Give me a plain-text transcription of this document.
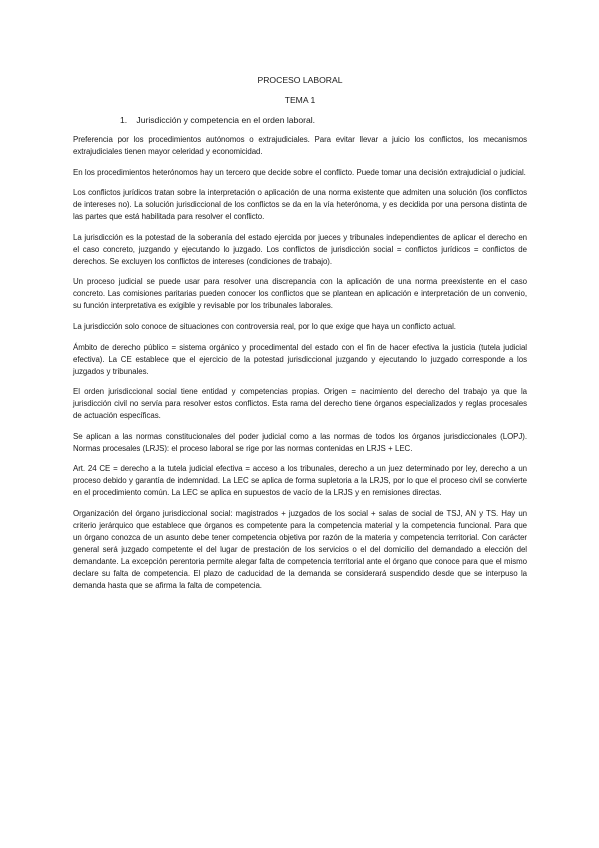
PROCESO LABORAL
TEMA 1
1. Jurisdicción y competencia en el orden laboral.

Preferencia por los procedimientos autónomos o extrajudiciales. Para evitar llevar a juicio los conflictos, los mecanismos extrajudiciales tienen mayor celeridad y economicidad.

En los procedimientos heterónomos hay un tercero que decide sobre el conflicto. Puede tomar una decisión extrajudicial o judicial.

Los conflictos jurídicos tratan sobre la interpretación o aplicación de una norma existente que admiten una solución (los conflictos de intereses no). La solución jurisdiccional de los conflictos se da en la vía heterónoma, y es decidida por una persona distinta de las partes que está habilitada para resolver el conflicto.

La jurisdicción es la potestad de la soberanía del estado ejercida por jueces y tribunales independientes de aplicar el derecho en el caso concreto, juzgando y ejecutando lo juzgado. Los conflictos de jurisdicción social = conflictos jurídicos = conflictos de derechos. Se excluyen los conflictos de intereses (condiciones de trabajo).

Un proceso judicial se puede usar para resolver una discrepancia con la aplicación de una norma preexistente en el caso concreto. Las comisiones paritarias pueden conocer los conflictos que se plantean en aplicación e interpretación de un convenio, su función interpretativa es exigible y revisable por los tribunales laborales.

La jurisdicción solo conoce de situaciones con controversia real, por lo que exige que haya un conflicto actual.

Ámbito de derecho público = sistema orgánico y procedimental del estado con el fin de hacer efectiva la justicia (tutela judicial efectiva). La CE establece que el ejercicio de la potestad jurisdiccional juzgando y ejecutando lo juzgado corresponde a los juzgados y tribunales.

El orden jurisdiccional social tiene entidad y competencias propias. Origen = nacimiento del derecho del trabajo ya que la jurisdicción civil no servía para resolver estos conflictos. Esta rama del derecho tiene órganos especializados y reglas procesales de actuación específicas.

Se aplican a las normas constitucionales del poder judicial como a las normas de todos los órganos jurisdiccionales (LOPJ). Normas procesales (LRJS): el proceso laboral se rige por las normas contenidas en LRJS + LEC.

Art. 24 CE = derecho a la tutela judicial efectiva = acceso a los tribunales, derecho a un juez determinado por ley, derecho a un proceso debido y garantía de indemnidad. La LEC se aplica de forma supletoria a la LRJS, por lo que el proceso civil se convierte en el procedimiento común. La LEC se aplica en supuestos de vacío de la LRJS y en remisiones directas.

Organización del órgano jurisdiccional social: magistrados + juzgados de los social + salas de social de TSJ, AN y TS. Hay un criterio jerárquico que establece que órganos es competente para la competencia material y la competencia funcional. Para que un órgano conozca de un asunto debe tener competencia objetiva por razón de la materia y competencia territorial. Con carácter general será juzgado competente el del lugar de prestación de los servicios o el del domicilio del demandado a elección del demandante. La excepción perentoria permite alegar falta de competencia territorial ante el órgano que conoce para que el mismo declare su falta de competencia. El plazo de caducidad de la demanda se considerará suspendido desde que se interpuso la demanda hasta que se afirma la falta de competencia.
